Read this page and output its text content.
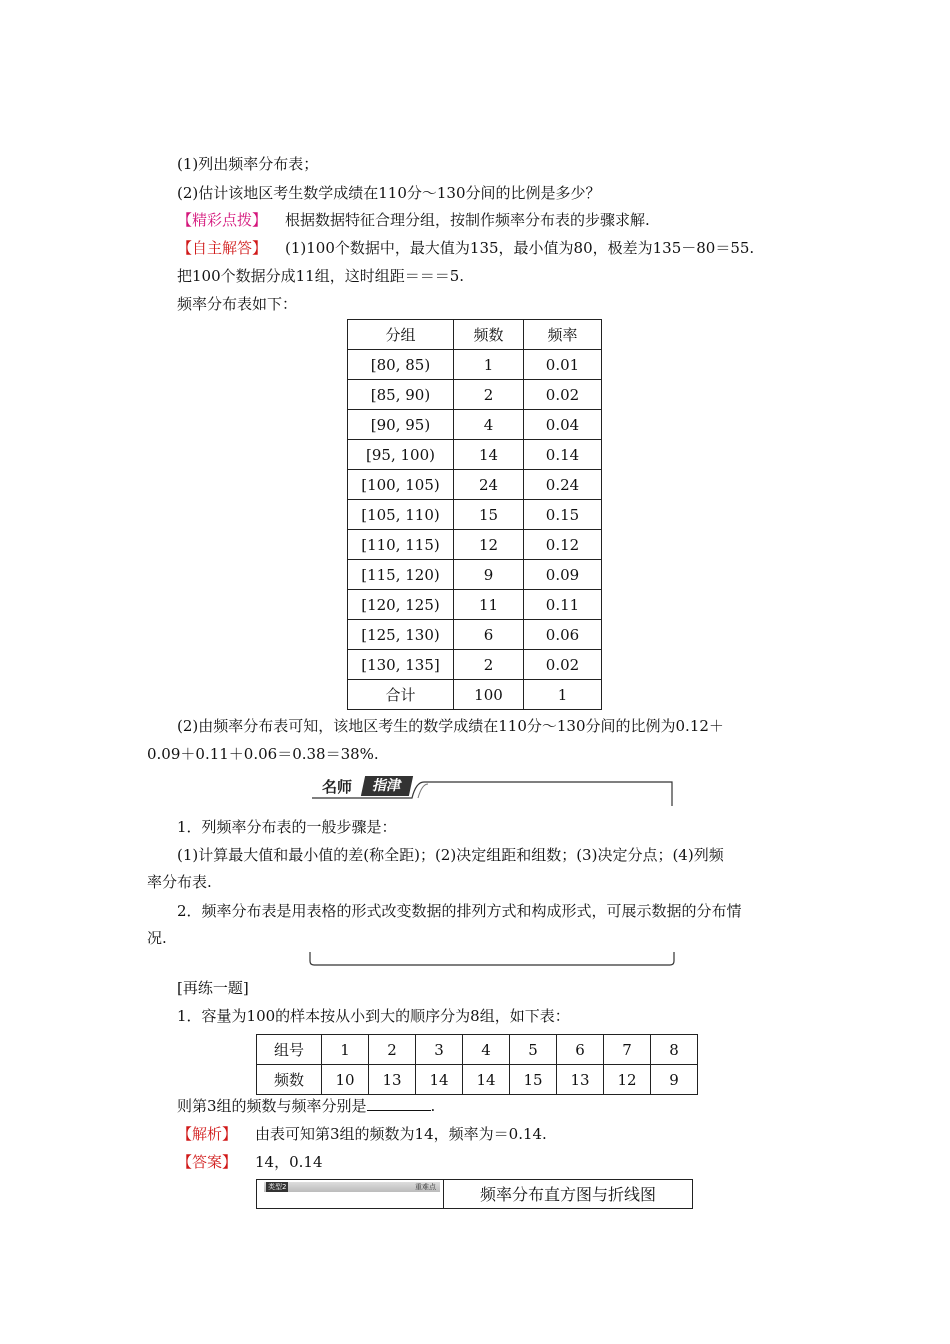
(1)列出频率分布表；
(2)估计该地区考生数学成绩在110分～130分间的比例是多少？
【精彩点拨】 根据数据特征合理分组，按制作频率分布表的步骤求解.
【自主解答】 (1)100个数据中，最大值为135，最小值为80，极差为135－80＝55.
把100个数据分成11组，这时组距＝＝＝5.
频率分布表如下：
分组	频数	频率
[80, 85)	1	0.01
[85, 90)	2	0.02
[90, 95)	4	0.04
[95, 100)	14	0.14
[100, 105)	24	0.24
[105, 110)	15	0.15
[110, 115)	12	0.12
[115, 120)	9	0.09
[120, 125)	11	0.11
[125, 130)	6	0.06
[130, 135]	2	0.02
合计	100	1
(2)由频率分布表可知，该地区考生的数学成绩在110分～130分间的比例为0.12＋
0.09＋0.11＋0.06＝0.38＝38%.
名师	指津
1．列频率分布表的一般步骤是：
(1)计算最大值和最小值的差(称全距)；(2)决定组距和组数；(3)决定分点；(4)列频
率分布表.
2．频率分布表是用表格的形式改变数据的排列方式和构成形式，可展示数据的分布情
况.
[再练一题]
1．容量为100的样本按从小到大的顺序分为8组，如下表：
组号	1	2	3	4	5	6	7	8
频数	10	13	14	14	15	13	12	9
则第3组的频数与频率分别是	.
【解析】 由表可知第3组的频数为14，频率为＝0.14.
【答案】 14，0.14
类型2	重难点	频率分布直方图与折线图
